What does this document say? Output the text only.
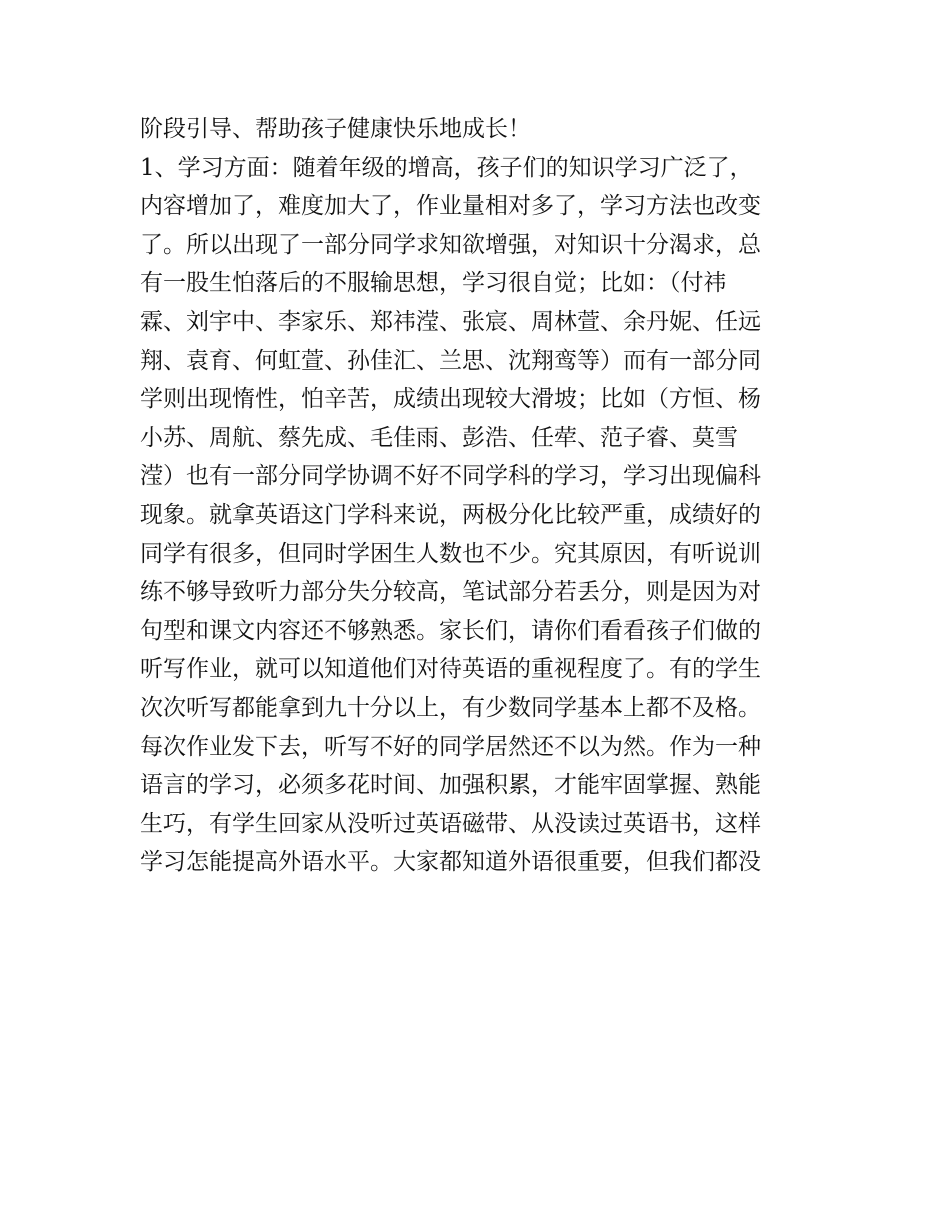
阶段引导、帮助孩子健康快乐地成长！
1、学习方面：随着年级的增高，孩子们的知识学习广泛了，
内容增加了，难度加大了，作业量相对多了，学习方法也改变
了。所以出现了一部分同学求知欲增强，对知识十分渴求，总
有一股生怕落后的不服输思想，学习很自觉；比如：（付祎
霖、刘宇中、李家乐、郑祎滢、张宸、周林萱、余丹妮、任远
翔、袁育、何虹萱、孙佳汇、兰思、沈翔鸾等）而有一部分同
学则出现惰性，怕辛苦，成绩出现较大滑坡；比如（方恒、杨
小苏、周航、蔡先成、毛佳雨、彭浩、任荦、范子睿、莫雪
滢）也有一部分同学协调不好不同学科的学习，学习出现偏科
现象。就拿英语这门学科来说，两极分化比较严重，成绩好的
同学有很多，但同时学困生人数也不少。究其原因，有听说训
练不够导致听力部分失分较高，笔试部分若丢分，则是因为对
句型和课文内容还不够熟悉。家长们，请你们看看孩子们做的
听写作业，就可以知道他们对待英语的重视程度了。有的学生
次次听写都能拿到九十分以上，有少数同学基本上都不及格。
每次作业发下去，听写不好的同学居然还不以为然。作为一种
语言的学习，必须多花时间、加强积累，才能牢固掌握、熟能
生巧，有学生回家从没听过英语磁带、从没读过英语书，这样
学习怎能提高外语水平。大家都知道外语很重要，但我们都没
